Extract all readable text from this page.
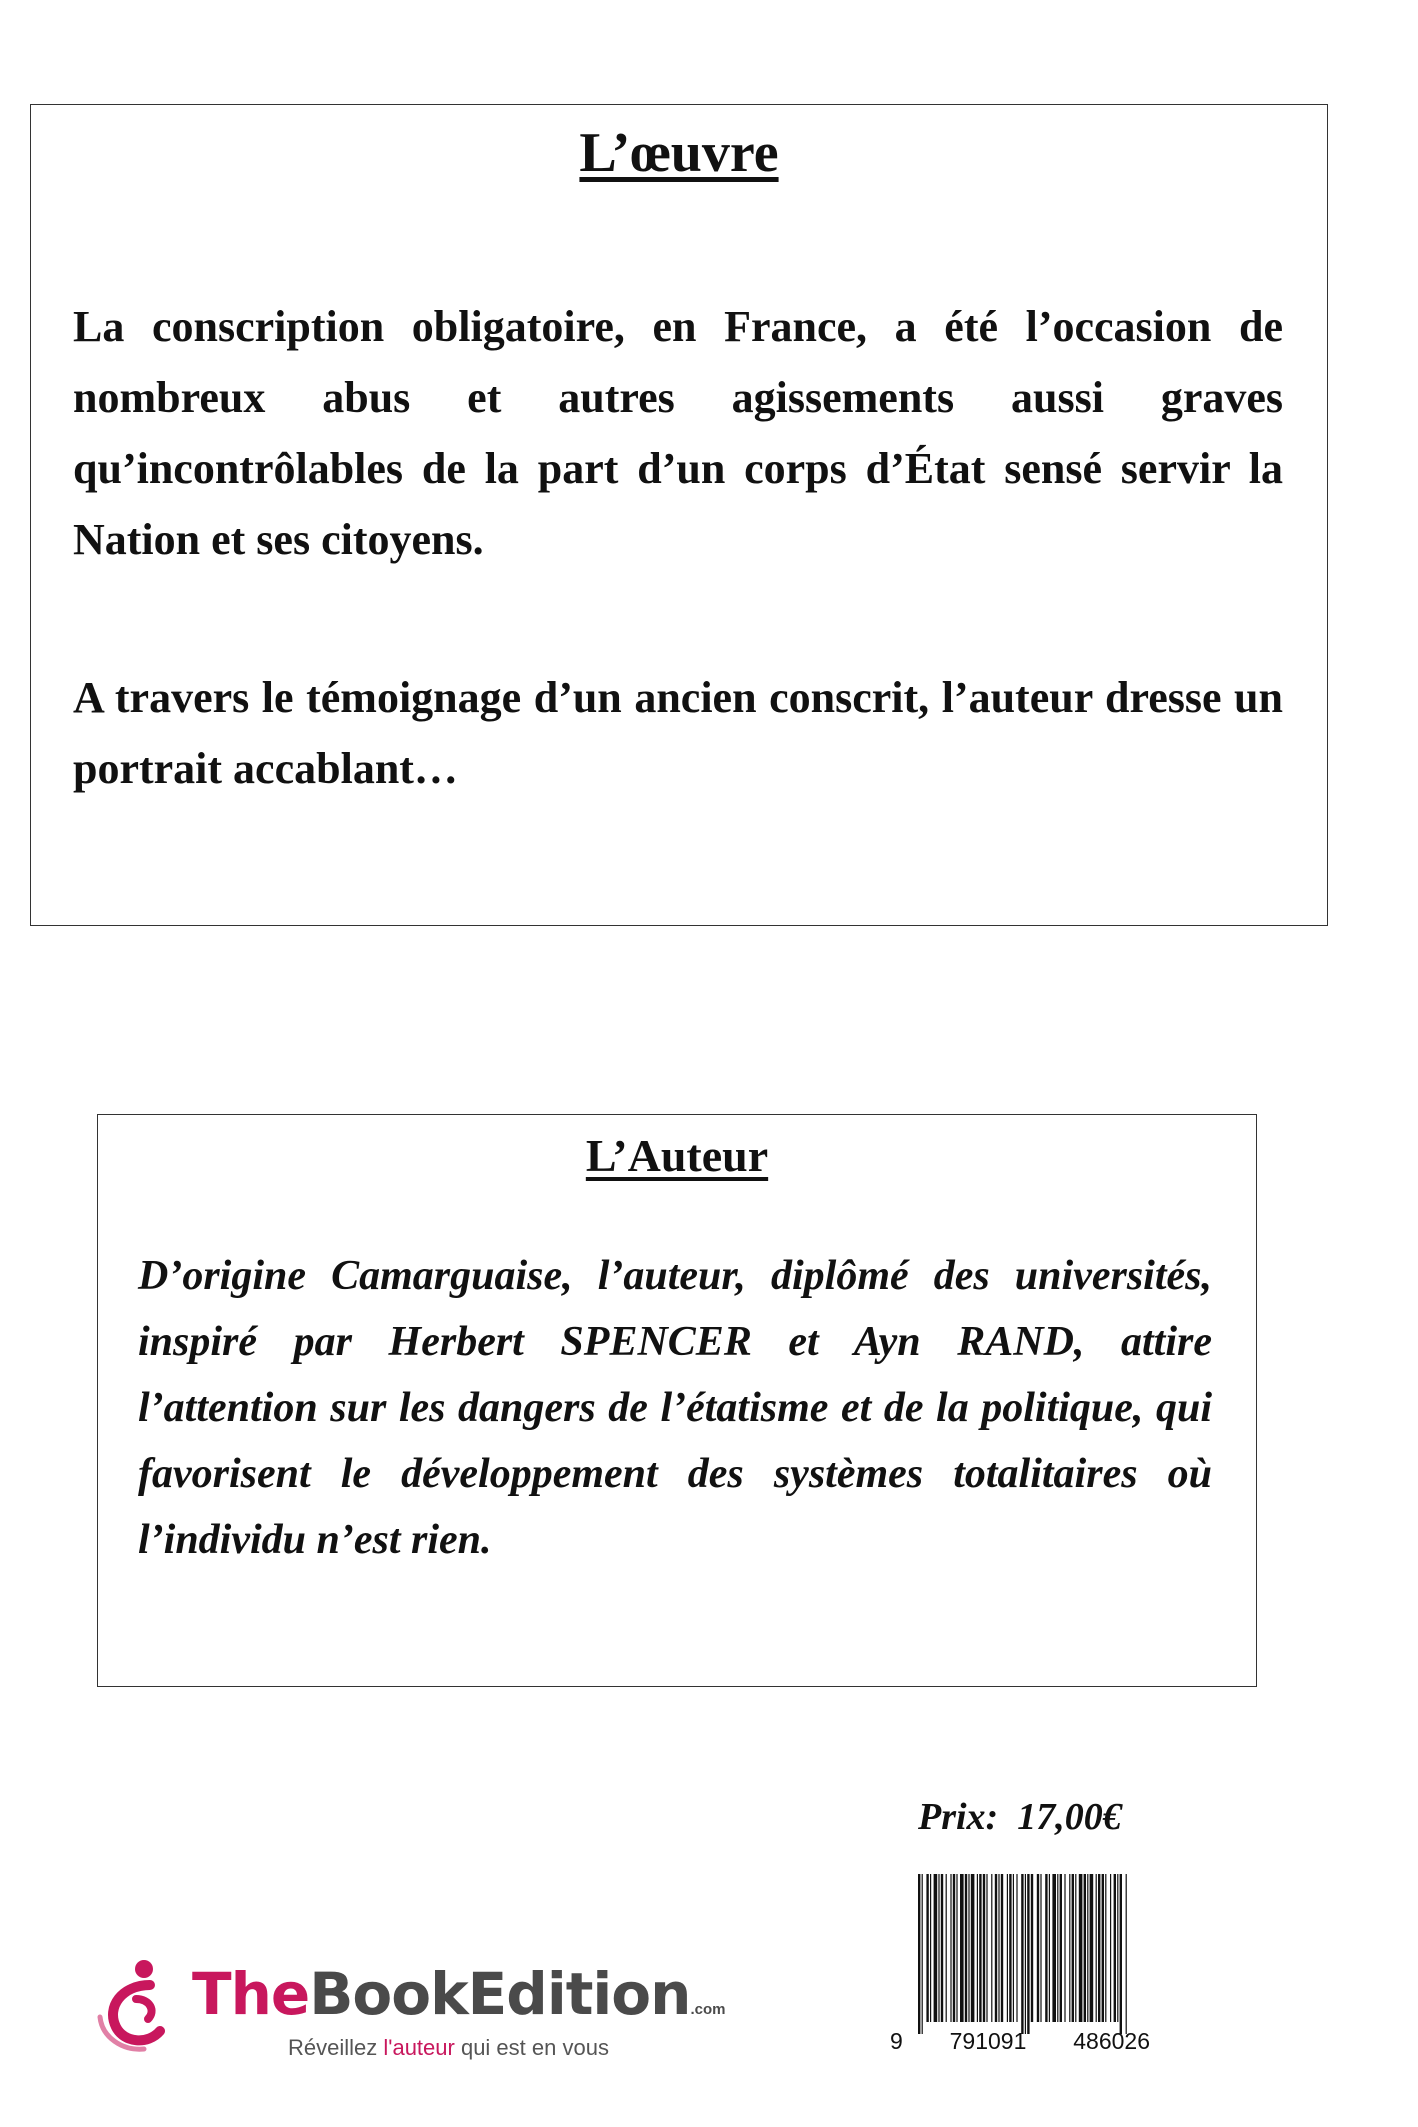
L’œuvre
La conscription obligatoire, en France, a été l’occasion de nombreux abus et autres agissements aussi graves qu’incontrôlables de la part d’un corps d’État sensé servir la Nation et ses citoyens.
A travers le témoignage d’un ancien conscrit, l’auteur dresse un portrait accablant…
L’Auteur
D’origine Camarguaise, l’auteur, diplômé des universités, inspiré par Herbert SPENCER et Ayn RAND, attire l’attention sur les dangers de l’étatisme et de la politique, qui favorisent le développement des systèmes totalitaires où l’individu n’est rien.
Prix: 17,00€
9 791091 486026
TheBookEdition.com
Réveillez l'auteur qui est en vous
